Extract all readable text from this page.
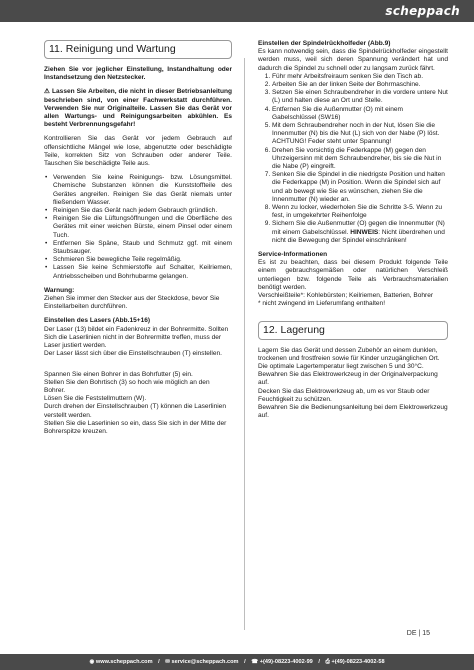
scheppach
11. Reinigung und Wartung

Ziehen Sie vor jeglicher Einstellung, Instandhaltung oder Instandsetzung den Netzstecker.

⚠ Lassen Sie Arbeiten, die nicht in dieser Betriebsanleitung beschrieben sind, von einer Fachwerkstatt durchführen. Verwenden Sie nur Originalteile. Lassen Sie das Gerät vor allen Wartungs- und Reinigungsarbeiten abkühlen. Es besteht Verbrennungsgefahr!

Kontrollieren Sie das Gerät vor jedem Gebrauch auf offensichtliche Mängel wie lose, abgenutzte oder beschädigte Teile, korrekten Sitz von Schrauben oder anderer Teile. Tauschen Sie beschädigte Teile aus.

• Verwenden Sie keine Reinigungs- bzw. Lösungsmittel. Chemische Substanzen können die Kunststoffteile des Gerätes angreifen. Reinigen Sie das Gerät niemals unter fließendem Wasser.
• Reinigen Sie das Gerät nach jedem Gebrauch gründlich.
• Reinigen Sie die Lüftungsöffnungen und die Oberfläche des Gerätes mit einer weichen Bürste, einem Pinsel oder einem Tuch.
• Entfernen Sie Späne, Staub und Schmutz ggf. mit einem Staubsauger.
• Schmieren Sie bewegliche Teile regelmäßig.
• Lassen Sie keine Schmierstoffe auf Schalter, Keilriemen, Antriebsscheiben und Bohrhubarme gelangen.

Warnung:

Ziehen Sie immer den Stecker aus der Steckdose, bevor Sie Einstellarbeiten durchführen.

Einstellen des Lasers (Abb.15+16)

Der Laser (13) bildet ein Fadenkreuz in der Bohrermitte. Sollten Sich die Laserlinien nicht in der Bohrermitte treffen, muss der Laser justiert werden.

Der Laser lässt sich über die Einstellschrauben (T) einstellen.

Spannen Sie einen Bohrer in das Bohrfutter (5) ein.

Stellen Sie den Bohrtisch (3) so hoch wie möglich an den Bohrer.

Lösen Sie die Feststellmuttern (W).

Durch drehen der Einstellschrauben (T) können die Laserlinien verstellt werden.

Stellen Sie die Laserlinien so ein, dass Sie sich in der Mitte der Bohrerspitze kreuzen.

Einstellen der Spindelrückholfeder (Abb.9)

Es kann notwendig sein, dass die Spindelrückholfeder eingestellt werden muss, weil sich deren Spannung verändert hat und dadurch die Spindel zu schnell oder zu langsam zurück fährt.

1. Führ mehr Arbeitsfreiraum senken Sie den Tisch ab.
2. Arbeiten Sie an der linken Seite der Bohrmaschine.
3. Setzen Sie einen Schraubendreher in die vordere untere Nut (L) und halten diese an Ort und Stelle.
4. Entfernen Sie die Außenmutter (O) mit einem Gabelschlüssel (SW16)
5. Mit dem Schraubendreher noch in der Nut, lösen Sie die Innenmutter (N) bis die Nut (L) sich von der Nabe (P) löst. ACHTUNG! Feder steht unter Spannung!
6. Drehen Sie vorsichtig die Federkappe (M) gegen den Uhrzeigersinn mit dem Schraubendreher, bis sie die Nut in die Nabe (P) eingreift.
7. Senken Sie die Spindel in die niedrigste Position und halten die Federkappe (M) in Position. Wenn die Spindel sich auf und ab bewegt wie Sie es wünschen, ziehen Sie die Innenmutter (N) wieder an.
8. Wenn zu locker, wiederholen Sie die Schritte 3-5. Wenn zu fest, in umgekehrter Reihenfolge
9. Sichern Sie die Außenmutter (O) gegen die Innenmutter (N) mit einem Gabelschlüssel. HINWEIS: Nicht überdrehen und nicht die Bewegung der Spindel einschränken!

Service-Informationen

Es ist zu beachten, dass bei diesem Produkt folgende Teile einem gebrauchsgemäßen oder natürlichen Verschleiß unterliegen bzw. folgende Teile als Verbrauchsmaterialien benötigt werden.

Verschleißteile*: Kohlebürsten; Keilriemen, Batterien, Bohrer

* nicht zwingend im Lieferumfang enthalten!

12. Lagerung

Lagern Sie das Gerät und dessen Zubehör an einem dunklen, trockenen und frostfreien sowie für Kinder unzugänglichen Ort. Die optimale Lagertemperatur liegt zwischen 5 und 30°C.

Bewahren Sie das Elektrowerkzeug in der Originalverpackung auf.

Decken Sie das Elektrowerkzeug ab, um es vor Staub oder Feuchtigkeit zu schützen.

Bewahren Sie die Bedienungsanleitung bei dem Elektrowerkzeug auf.

DE | 15
◉ www.scheppach.com / ✉ service@scheppach.com / ☎ +(49)-08223-4002-99 / ⎙ +(49)-08223-4002-58
